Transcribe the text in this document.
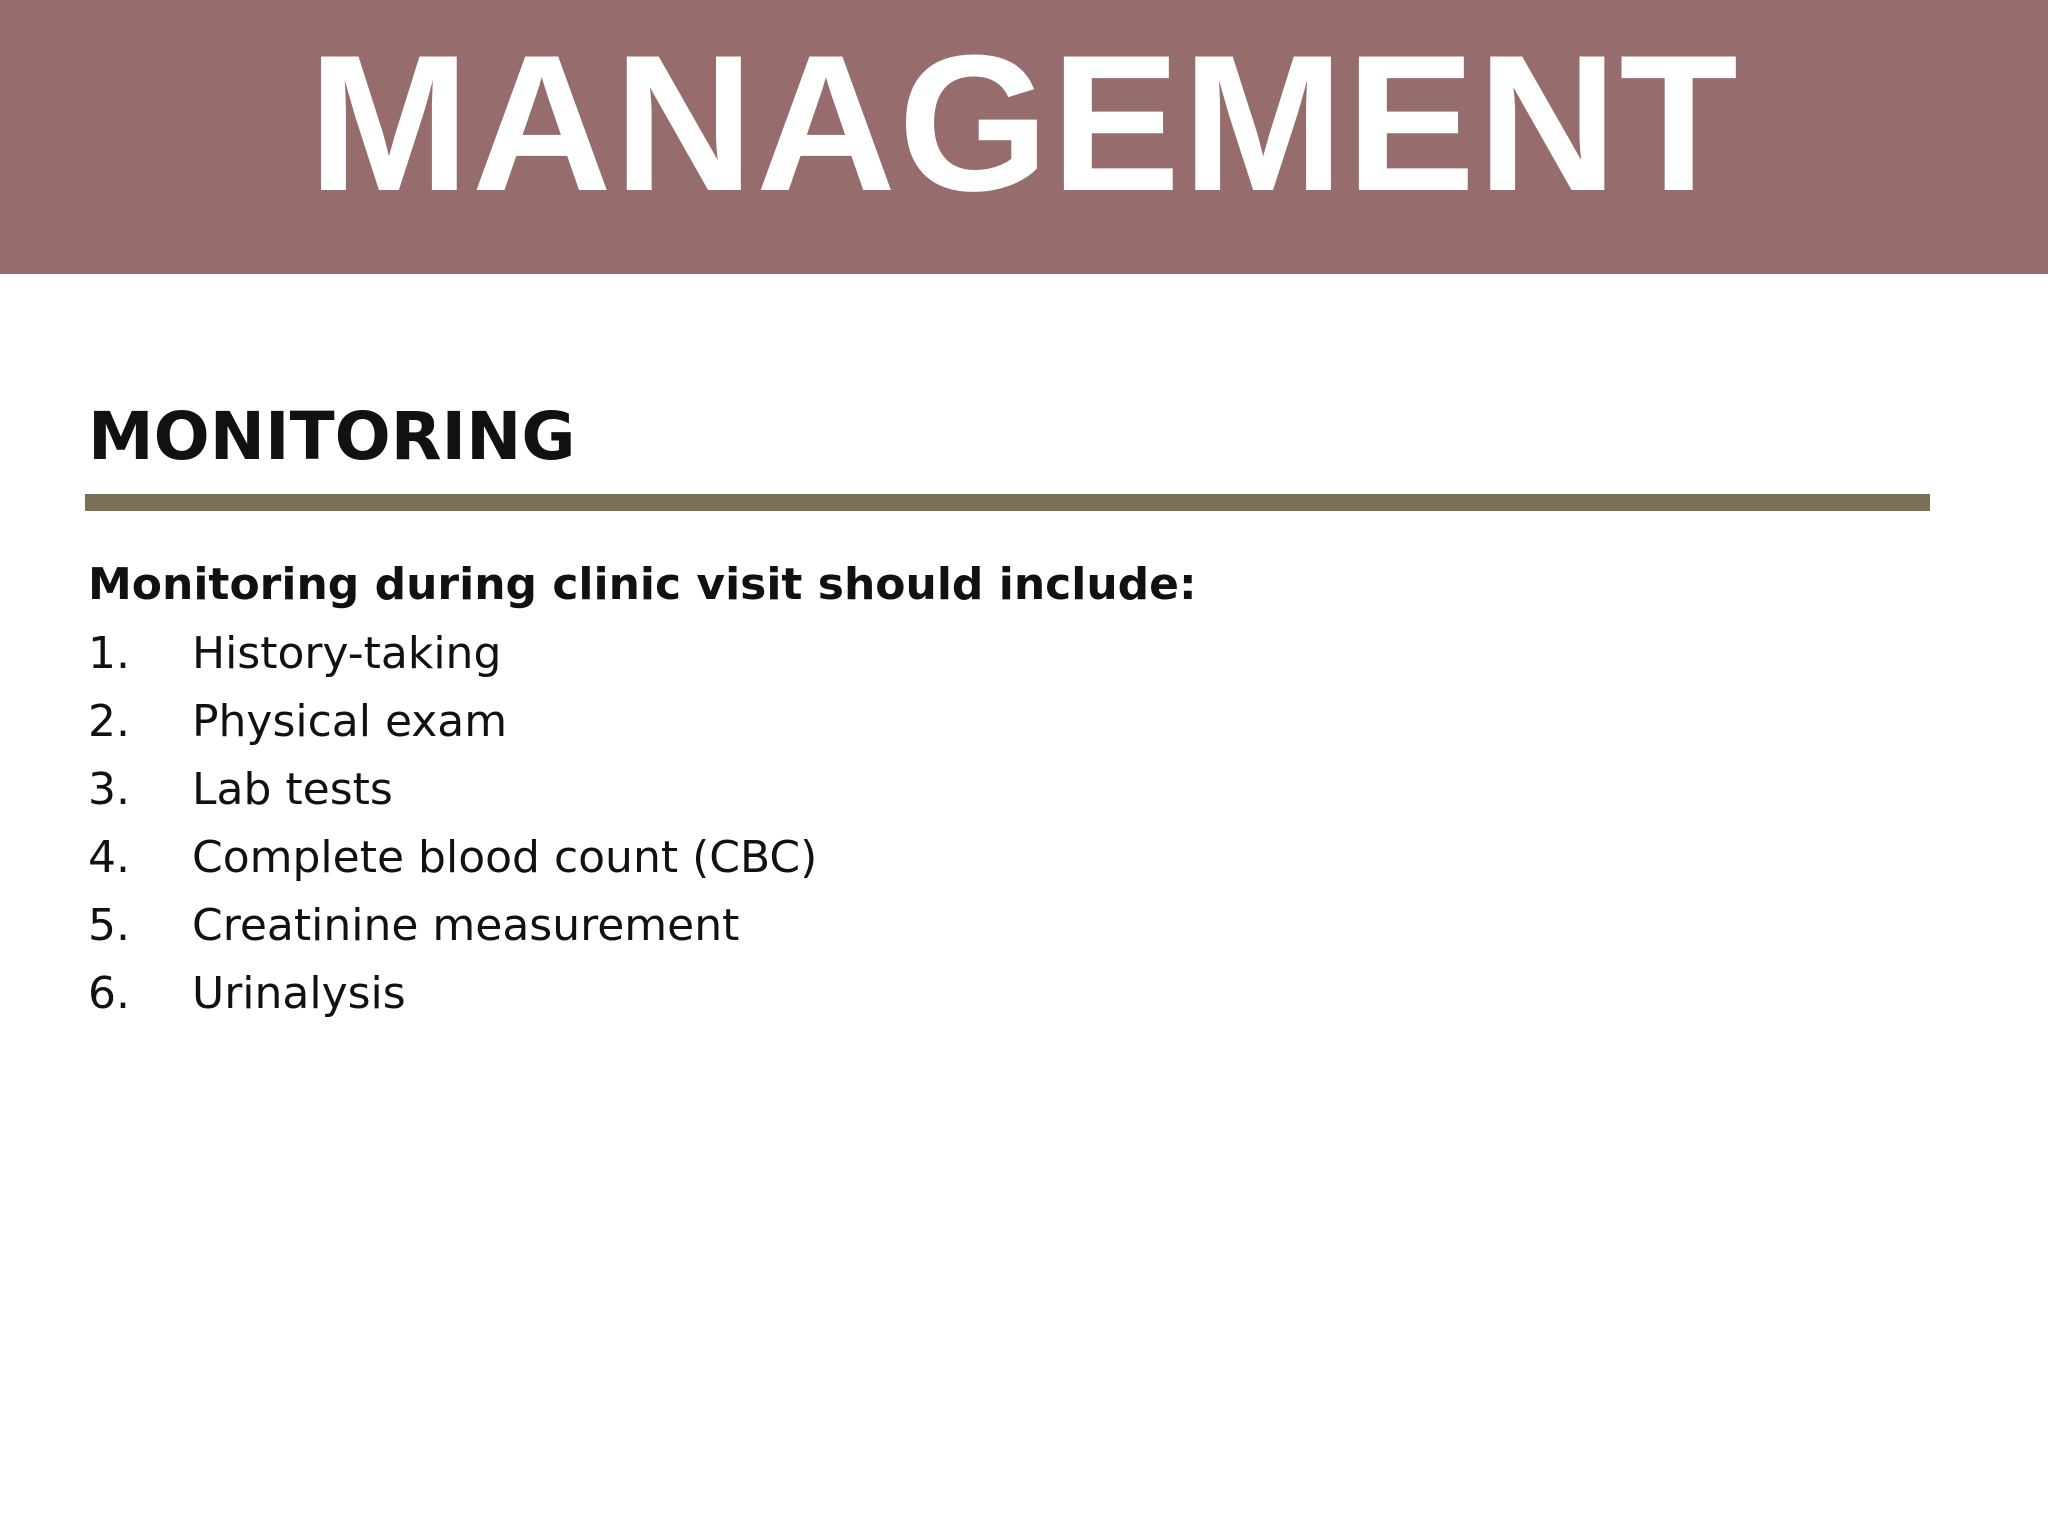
MANAGEMENT
MONITORING
Monitoring during clinic visit should include:
1. History-taking
2. Physical exam
3. Lab tests
4. Complete blood count (CBC)
5. Creatinine measurement
6. Urinalysis
